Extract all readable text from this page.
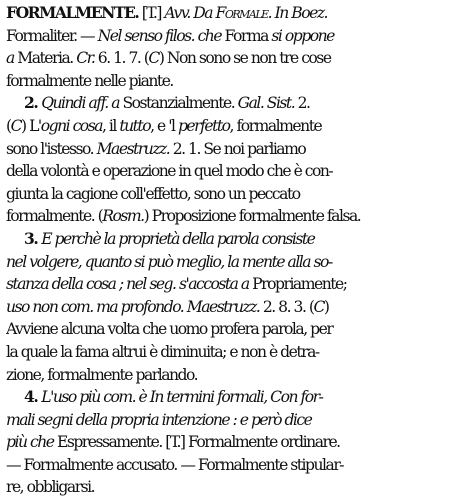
FORMALMENTE. [T.] Avv. Da Formale. In Boez.
Formaliter. — Nel senso filos. che Forma si oppone
a Materia. Cr. 6. 1. 7. (C) Non sono se non tre cose
formalmente nelle piante.
2. Quindi aff. a Sostanzialmente. Gal. Sist. 2.
(C) L'ogni cosa, il tutto, e 'l perfetto, formalmente
sono l'istesso. Maestruzz. 2. 1. Se noi parliamo
della volontà e operazione in quel modo che è con-
giunta la cagione coll'effetto, sono un peccato
formalmente. (Rosm.) Proposizione formalmente falsa.
3. E perchè la proprietà della parola consiste
nel volgere, quanto si può meglio, la mente alla so-
stanza della cosa ; nel seg. s'accosta a Propriamente;
uso non com. ma profondo. Maestruzz. 2. 8. 3. (C)
Avviene alcuna volta che uomo profera parola, per
la quale la fama altrui è diminuita; e non è detra-
zione, formalmente parlando.
4. L'uso più com. è In termini formali, Con for-
mali segni della propria intenzione : e però dice
più che Espressamente. [T.] Formalmente ordinare.
— Formalmente accusato. — Formalmente stipular-
re, obbligarsi.
